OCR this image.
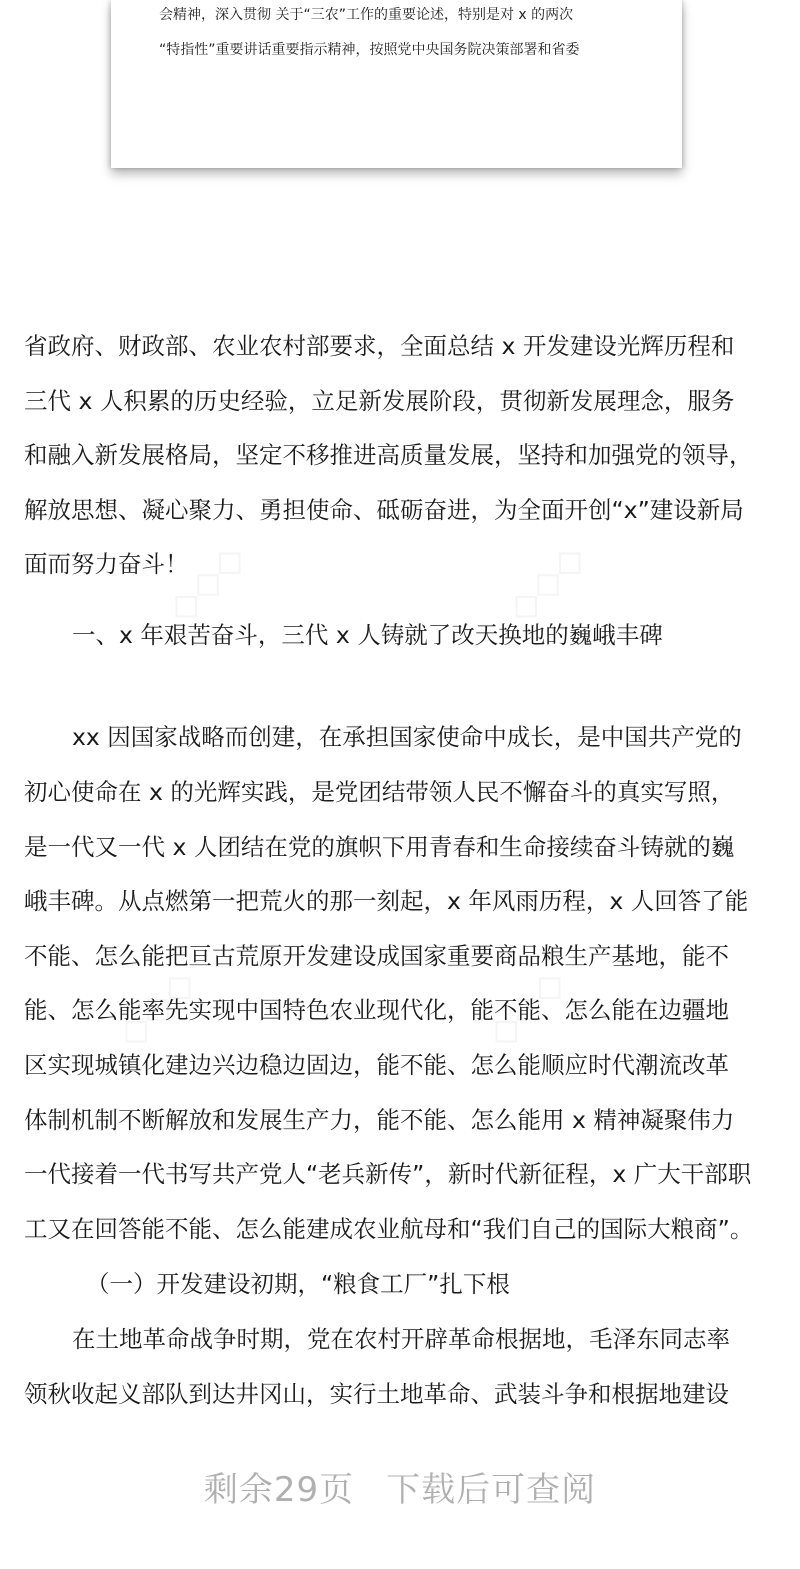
◇◇◇	◇◇◇
◇◇◇	◇◇◇
会精神，深入贯彻 关于“三农”工作的重要论述，特别是对 x 的两次
“特指性”重要讲话重要指示精神，按照党中央国务院决策部署和省委
省政府、财政部、农业农村部要求，全面总结 x 开发建设光辉历程和
三代 x 人积累的历史经验，立足新发展阶段，贯彻新发展理念，服务
和融入新发展格局，坚定不移推进高质量发展，坚持和加强党的领导，
解放思想、凝心聚力、勇担使命、砥砺奋进，为全面开创“x”建设新局
面而努力奋斗！
一、x 年艰苦奋斗，三代 x 人铸就了改天换地的巍峨丰碑
xx 因国家战略而创建，在承担国家使命中成长，是中国共产党的
初心使命在 x 的光辉实践，是党团结带领人民不懈奋斗的真实写照，
是一代又一代 x 人团结在党的旗帜下用青春和生命接续奋斗铸就的巍
峨丰碑。从点燃第一把荒火的那一刻起，x 年风雨历程，x 人回答了能
不能、怎么能把亘古荒原开发建设成国家重要商品粮生产基地，能不
能、怎么能率先实现中国特色农业现代化，能不能、怎么能在边疆地
区实现城镇化建边兴边稳边固边，能不能、怎么能顺应时代潮流改革
体制机制不断解放和发展生产力，能不能、怎么能用 x 精神凝聚伟力
一代接着一代书写共产党人“老兵新传”，新时代新征程，x 广大干部职
工又在回答能不能、怎么能建成农业航母和“我们自己的国际大粮商”。
（一）开发建设初期，“粮食工厂”扎下根
在土地革命战争时期，党在农村开辟革命根据地，毛泽东同志率
领秋收起义部队到达井冈山，实行土地革命、武装斗争和根据地建设
剩余29页 下载后可查阅
